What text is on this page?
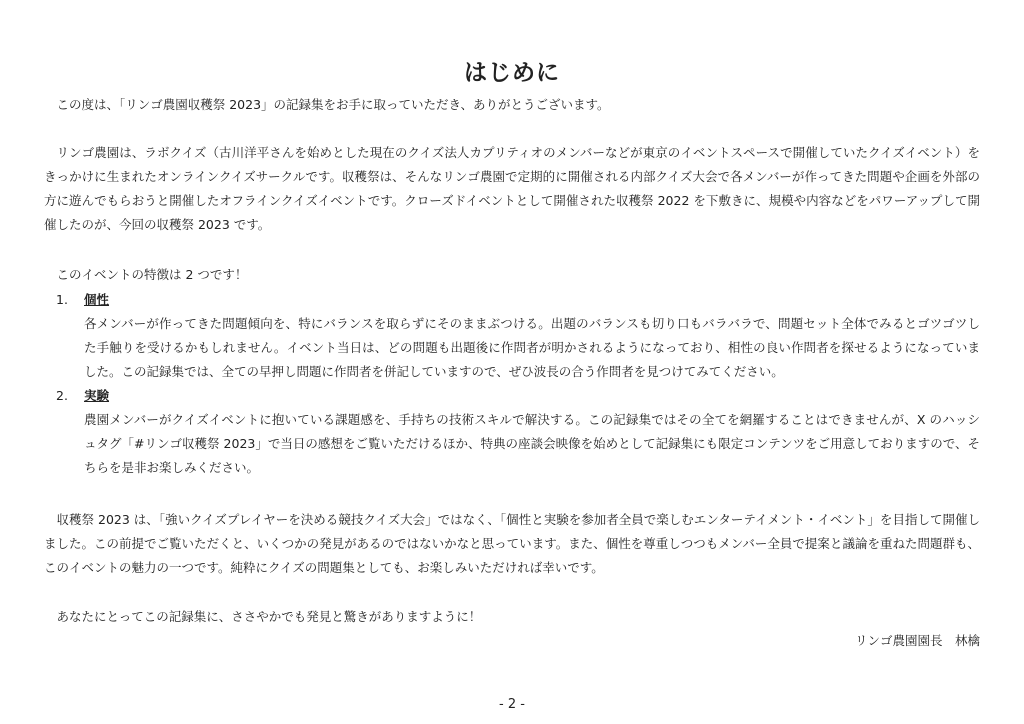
はじめに

この度は、「リンゴ農園収穫祭 2023」の記録集をお手に取っていただき、ありがとうございます。

リンゴ農園は、ラボクイズ（古川洋平さんを始めとした現在のクイズ法人カプリティオのメンバーなどが東京のイベントスペースで開催していたクイズイベント）をきっかけに生まれたオンラインクイズサークルです。収穫祭は、そんなリンゴ農園で定期的に開催される内部クイズ大会で各メンバーが作ってきた問題や企画を外部の方に遊んでもらおうと開催したオフラインクイズイベントです。クローズドイベントとして開催された収穫祭 2022 を下敷きに、規模や内容などをパワーアップして開催したのが、今回の収穫祭 2023 です。

このイベントの特徴は 2 つです！

1. 個性
各メンバーが作ってきた問題傾向を、特にバランスを取らずにそのままぶつける。出題のバランスも切り口もバラバラで、問題セット全体でみるとゴツゴツした手触りを受けるかもしれません。イベント当日は、どの問題も出題後に作問者が明かされるようになっており、相性の良い作問者を探せるようになっていました。この記録集では、全ての早押し問題に作問者を併記していますので、ぜひ波長の合う作問者を見つけてみてください。
2. 実験
農園メンバーがクイズイベントに抱いている課題感を、手持ちの技術スキルで解決する。この記録集ではその全てを網羅することはできませんが、X のハッシュタグ「#リンゴ収穫祭 2023」で当日の感想をご覧いただけるほか、特典の座談会映像を始めとして記録集にも限定コンテンツをご用意しておりますので、そちらを是非お楽しみください。

収穫祭 2023 は、「強いクイズプレイヤーを決める競技クイズ大会」ではなく、「個性と実験を参加者全員で楽しむエンターテイメント・イベント」を目指して開催しました。この前提でご覧いただくと、いくつかの発見があるのではないかなと思っています。また、個性を尊重しつつもメンバー全員で提案と議論を重ねた問題群も、このイベントの魅力の一つです。純粋にクイズの問題集としても、お楽しみいただければ幸いです。

あなたにとってこの記録集に、ささやかでも発見と驚きがありますように！

リンゴ農園園長　林檎
- 2 -
